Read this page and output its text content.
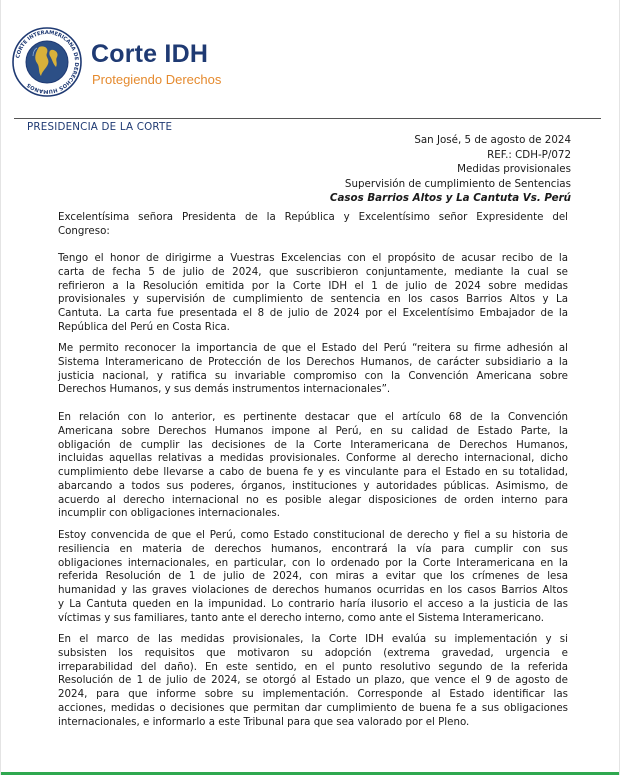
CORTE INTERAMERICANA DE DERECHOS HUMANOS
Corte IDH
Protegiendo Derechos
PRESIDENCIA DE LA CORTE
San José, 5 de agosto de 2024
REF.: CDH-P/072
Medidas provisionales
Supervisión de cumplimiento de Sentencias
Casos Barrios Altos y La Cantuta Vs. Perú
Excelentísima señora Presidenta de la República y Excelentísimo señor Expresidente del
Congreso:
Tengo el honor de dirigirme a Vuestras Excelencias con el propósito de acusar recibo de la
carta de fecha 5 de julio de 2024, que suscribieron conjuntamente, mediante la cual se
refirieron a la Resolución emitida por la Corte IDH el 1 de julio de 2024 sobre medidas
provisionales y supervisión de cumplimiento de sentencia en los casos Barrios Altos y La
Cantuta. La carta fue presentada el 8 de julio de 2024 por el Excelentísimo Embajador de la
República del Perú en Costa Rica.
Me permito reconocer la importancia de que el Estado del Perú “reitera su firme adhesión al
Sistema Interamericano de Protección de los Derechos Humanos, de carácter subsidiario a la
justicia nacional, y ratifica su invariable compromiso con la Convención Americana sobre
Derechos Humanos, y sus demás instrumentos internacionales”.
En relación con lo anterior, es pertinente destacar que el artículo 68 de la Convención
Americana sobre Derechos Humanos impone al Perú, en su calidad de Estado Parte, la
obligación de cumplir las decisiones de la Corte Interamericana de Derechos Humanos,
incluidas aquellas relativas a medidas provisionales. Conforme al derecho internacional, dicho
cumplimiento debe llevarse a cabo de buena fe y es vinculante para el Estado en su totalidad,
abarcando a todos sus poderes, órganos, instituciones y autoridades públicas. Asimismo, de
acuerdo al derecho internacional no es posible alegar disposiciones de orden interno para
incumplir con obligaciones internacionales.
Estoy convencida de que el Perú, como Estado constitucional de derecho y fiel a su historia de
resiliencia en materia de derechos humanos, encontrará la vía para cumplir con sus
obligaciones internacionales, en particular, con lo ordenado por la Corte Interamericana en la
referida Resolución de 1 de julio de 2024, con miras a evitar que los crímenes de lesa
humanidad y las graves violaciones de derechos humanos ocurridas en los casos Barrios Altos
y La Cantuta queden en la impunidad. Lo contrario haría ilusorio el acceso a la justicia de las
víctimas y sus familiares, tanto ante el derecho interno, como ante el Sistema Interamericano.
En el marco de las medidas provisionales, la Corte IDH evalúa su implementación y si
subsisten los requisitos que motivaron su adopción (extrema gravedad, urgencia e
irreparabilidad del daño). En este sentido, en el punto resolutivo segundo de la referida
Resolución de 1 de julio de 2024, se otorgó al Estado un plazo, que vence el 9 de agosto de
2024, para que informe sobre su implementación. Corresponde al Estado identificar las
acciones, medidas o decisiones que permitan dar cumplimiento de buena fe a sus obligaciones
internacionales, e informarlo a este Tribunal para que sea valorado por el Pleno.
